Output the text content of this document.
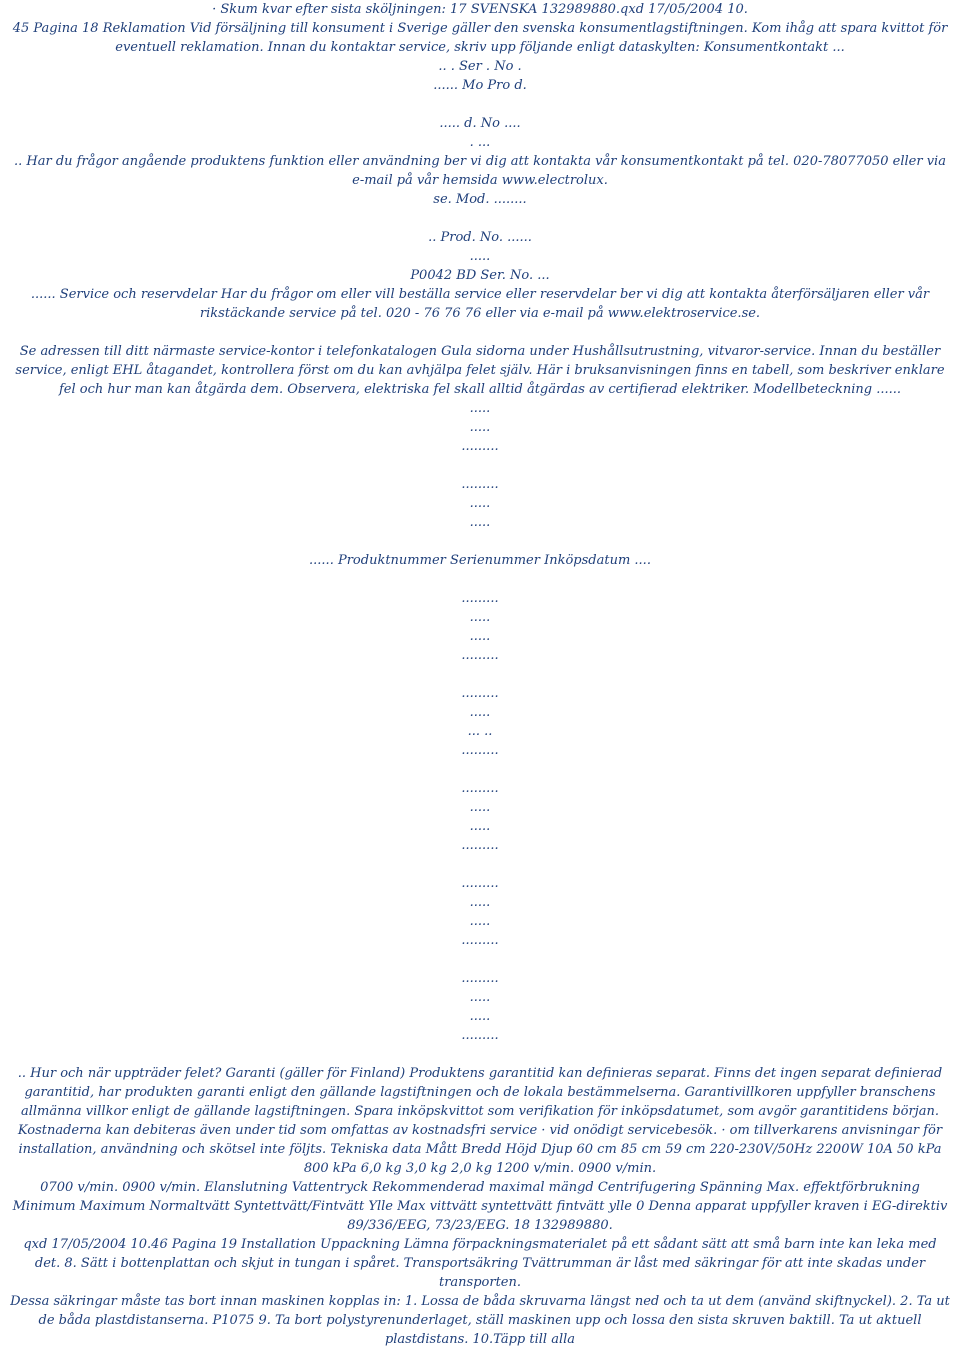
· Skum kvar efter sista sköljningen: 17 SVENSKA 132989880.qxd 17/05/2004 10.

45 Pagina 18 Reklamation Vid försäljning till konsument i Sverige gäller den svenska konsumentlagstiftningen. Kom ihåg att spara kvittot för eventuell reklamation. Innan du kontaktar service, skriv upp följande enligt dataskylten: Konsumentkontakt ...

.. . Ser . No .

...... Mo Pro d.

..... d. No ....

. ...

.. Har du frågor angående produktens funktion eller användning ber vi dig att kontakta vår konsumentkontakt på tel. 020-78077050 eller via e-mail på vår hemsida www.electrolux.

se. Mod. ........

.. Prod. No. ......

.....

P0042 BD Ser. No. ...

...... Service och reservdelar Har du frågor om eller vill beställa service eller reservdelar ber vi dig att kontakta återförsäljaren eller vår rikstäckande service på tel. 020 - 76 76 76 eller via e-mail på www.elektroservice.se.

Se adressen till ditt närmaste service-kontor i telefonkatalogen Gula sidorna under Hushållsutrustning, vitvaror-service. Innan du beställer service, enligt EHL åtagandet, kontrollera först om du kan avhjälpa felet själv. Här i bruksanvisningen finns en tabell, som beskriver enklare fel och hur man kan åtgärda dem. Observera, elektriska fel skall alltid åtgärdas av certifierad elektriker. Modellbeteckning ......

.....

.....

.........

.........

.....

.....

...... Produktnummer Serienummer Inköpsdatum ....

.........

.....

.....

.........

.........

.....

... ..

.........

.........

.....

.....

.........

.........

.....

.....

.........

.........

.....

.....

.........

.. Hur och när uppträder felet? Garanti (gäller för Finland) Produktens garantitid kan definieras separat. Finns det ingen separat definierad garantitid, har produkten garanti enligt den gällande lagstiftningen och de lokala bestämmelserna. Garantivillkoren uppfyller branschens allmänna villkor enligt de gällande lagstiftningen. Spara inköpskvittot som verifikation för inköpsdatumet, som avgör garantitidens början. Kostnaderna kan debiteras även under tid som omfattas av kostnadsfri service · vid onödigt servicebesök. · om tillverkarens anvisningar för installation, användning och skötsel inte följts. Tekniska data Mått Bredd Höjd Djup 60 cm 85 cm 59 cm 220-230V/50Hz 2200W 10A 50 kPa 800 kPa 6,0 kg 3,0 kg 2,0 kg 1200 v/min. 0900 v/min.

0700 v/min. 0900 v/min. Elanslutning Vattentryck Rekommenderad maximal mängd Centrifugering Spänning Max. effektförbrukning Minimum Maximum Normaltvätt Syntettvätt/Fintvätt Ylle Max vittvätt syntettvätt fintvätt ylle 0 Denna apparat uppfyller kraven i EG-direktiv 89/336/EEG, 73/23/EEG. 18 132989880.

qxd 17/05/2004 10.46 Pagina 19 Installation Uppackning Lämna förpackningsmaterialet på ett sådant sätt att små barn inte kan leka med det. 8. Sätt i bottenplattan och skjut in tungan i spåret. Transportsäkring Tvättrumman är låst med säkringar för att inte skadas under transporten.

Dessa säkringar måste tas bort innan maskinen kopplas in: 1. Lossa de båda skruvarna längst ned och ta ut dem (använd skiftnyckel). 2. Ta ut de båda plastdistanserna. P1075 9. Ta bort polystyrenunderlaget, ställ maskinen upp och lossa den sista skruven baktill. Ta ut aktuell plastdistans. 10.Täpp till alla
